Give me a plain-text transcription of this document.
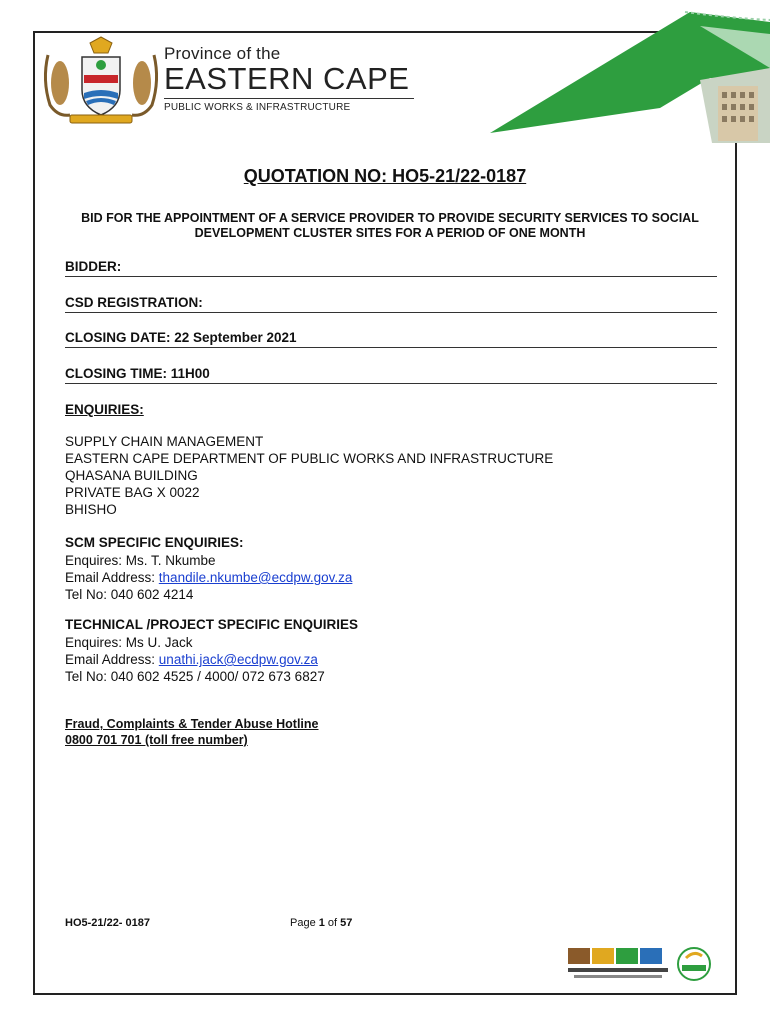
Province of the
EASTERN CAPE
PUBLIC WORKS & INFRASTRUCTURE
QUOTATION NO: HO5-21/22-0187
BID FOR THE APPOINTMENT OF A SERVICE PROVIDER TO PROVIDE SECURITY SERVICES TO SOCIAL DEVELOPMENT CLUSTER SITES FOR A PERIOD OF ONE MONTH
BIDDER:
CSD REGISTRATION:
CLOSING DATE: 22 September 2021
CLOSING TIME: 11H00
ENQUIRIES:
SUPPLY CHAIN MANAGEMENT
EASTERN CAPE DEPARTMENT OF PUBLIC WORKS AND INFRASTRUCTURE
QHASANA BUILDING
PRIVATE BAG X 0022
BHISHO
SCM SPECIFIC ENQUIRIES:
Enquires: Ms. T. Nkumbe
Email Address: thandile.nkumbe@ecdpw.gov.za
Tel No: 040 602 4214
TECHNICAL /PROJECT SPECIFIC ENQUIRIES
Enquires: Ms U. Jack
Email Address: unathi.jack@ecdpw.gov.za
Tel No: 040 602 4525 / 4000/ 072 673 6827
Fraud, Complaints & Tender Abuse Hotline
0800 701 701 (toll free number)
HO5-21/22- 0187	Page 1 of 57
